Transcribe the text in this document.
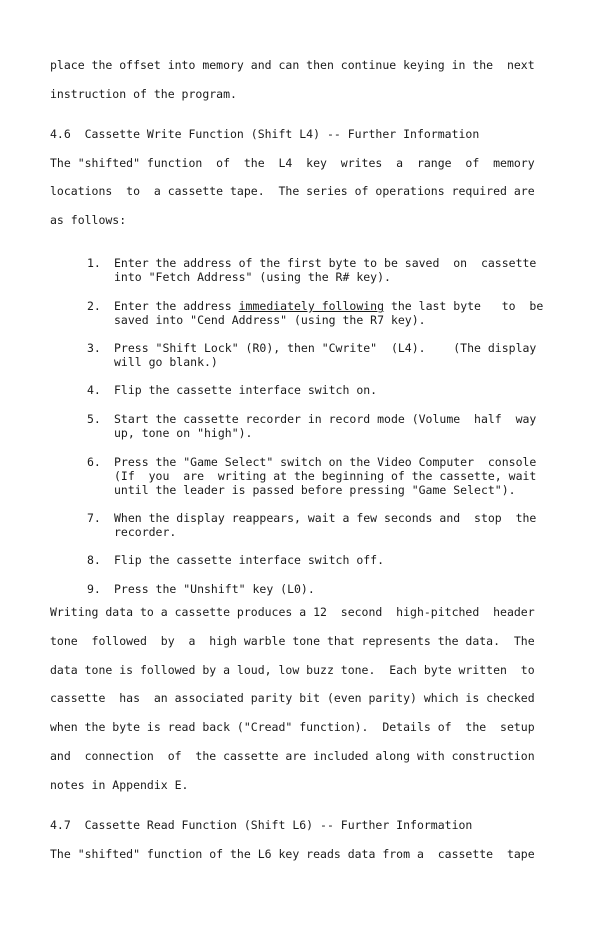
place the offset into memory and can then continue keying in the  next
instruction of the program.
4.6  Cassette Write Function (Shift L4) -- Further Information
The "shifted" function  of  the  L4  key  writes  a  range  of  memory
locations  to  a cassette tape.  The series of operations required are
as follows:
1. Enter the address of the first byte to be saved  on  cassette
into "Fetch Address" (using the R# key).
2. Enter the address immediately following the last byte   to  be
saved into "Cend Address" (using the R7 key).
3. Press "Shift Lock" (R0), then "Cwrite"  (L4).    (The display
will go blank.)
4. Flip the cassette interface switch on.
5. Start the cassette recorder in record mode (Volume  half  way
up, tone on "high").
6. Press the "Game Select" switch on the Video Computer  console
(If  you  are  writing at the beginning of the cassette, wait
until the leader is passed before pressing "Game Select").
7. When the display reappears, wait a few seconds and  stop  the
recorder.
8. Flip the cassette interface switch off.
9. Press the "Unshift" key (L0).
Writing data to a cassette produces a 12  second  high-pitched  header
tone  followed  by  a  high warble tone that represents the data.  The
data tone is followed by a loud, low buzz tone.  Each byte written  to
cassette  has  an associated parity bit (even parity) which is checked
when the byte is read back ("Cread" function).  Details of  the  setup
and  connection  of  the cassette are included along with construction
notes in Appendix E.
4.7  Cassette Read Function (Shift L6) -- Further Information
The "shifted" function of the L6 key reads data from a  cassette  tape
